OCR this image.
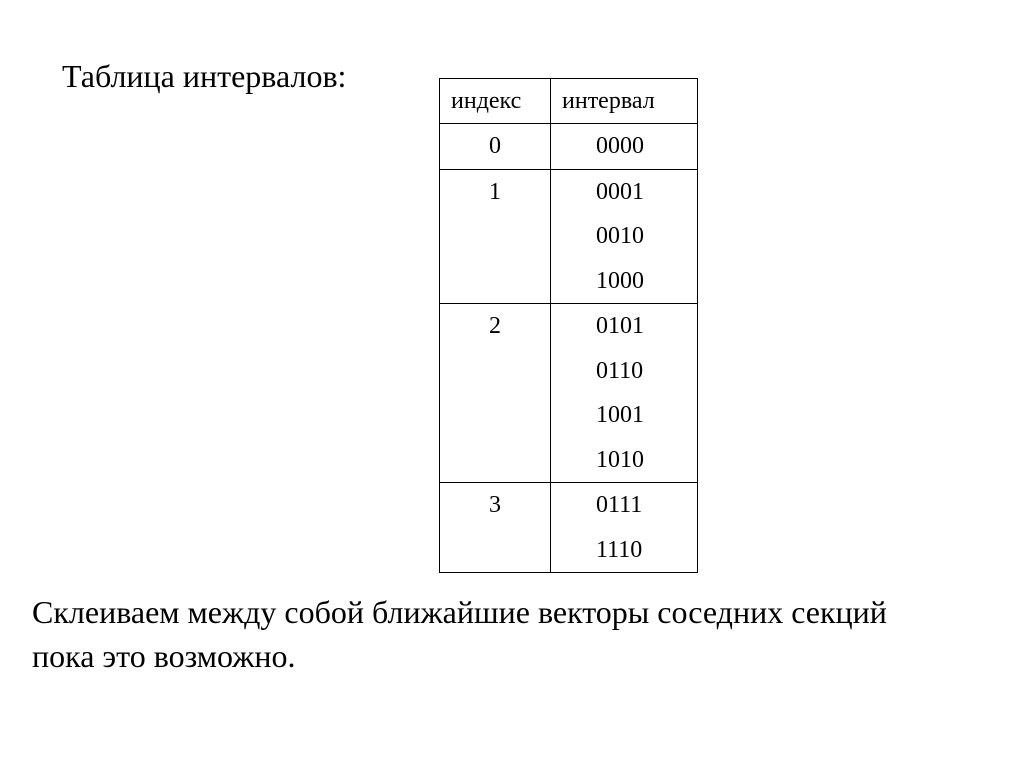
Таблица интервалов:
индекс	интервал

0	0000

1	0001
0010
1000

2	0101
0110
1001
1010

3	0111
1110
Склеиваем между собой ближайшие векторы соседних секций
пока это возможно.
